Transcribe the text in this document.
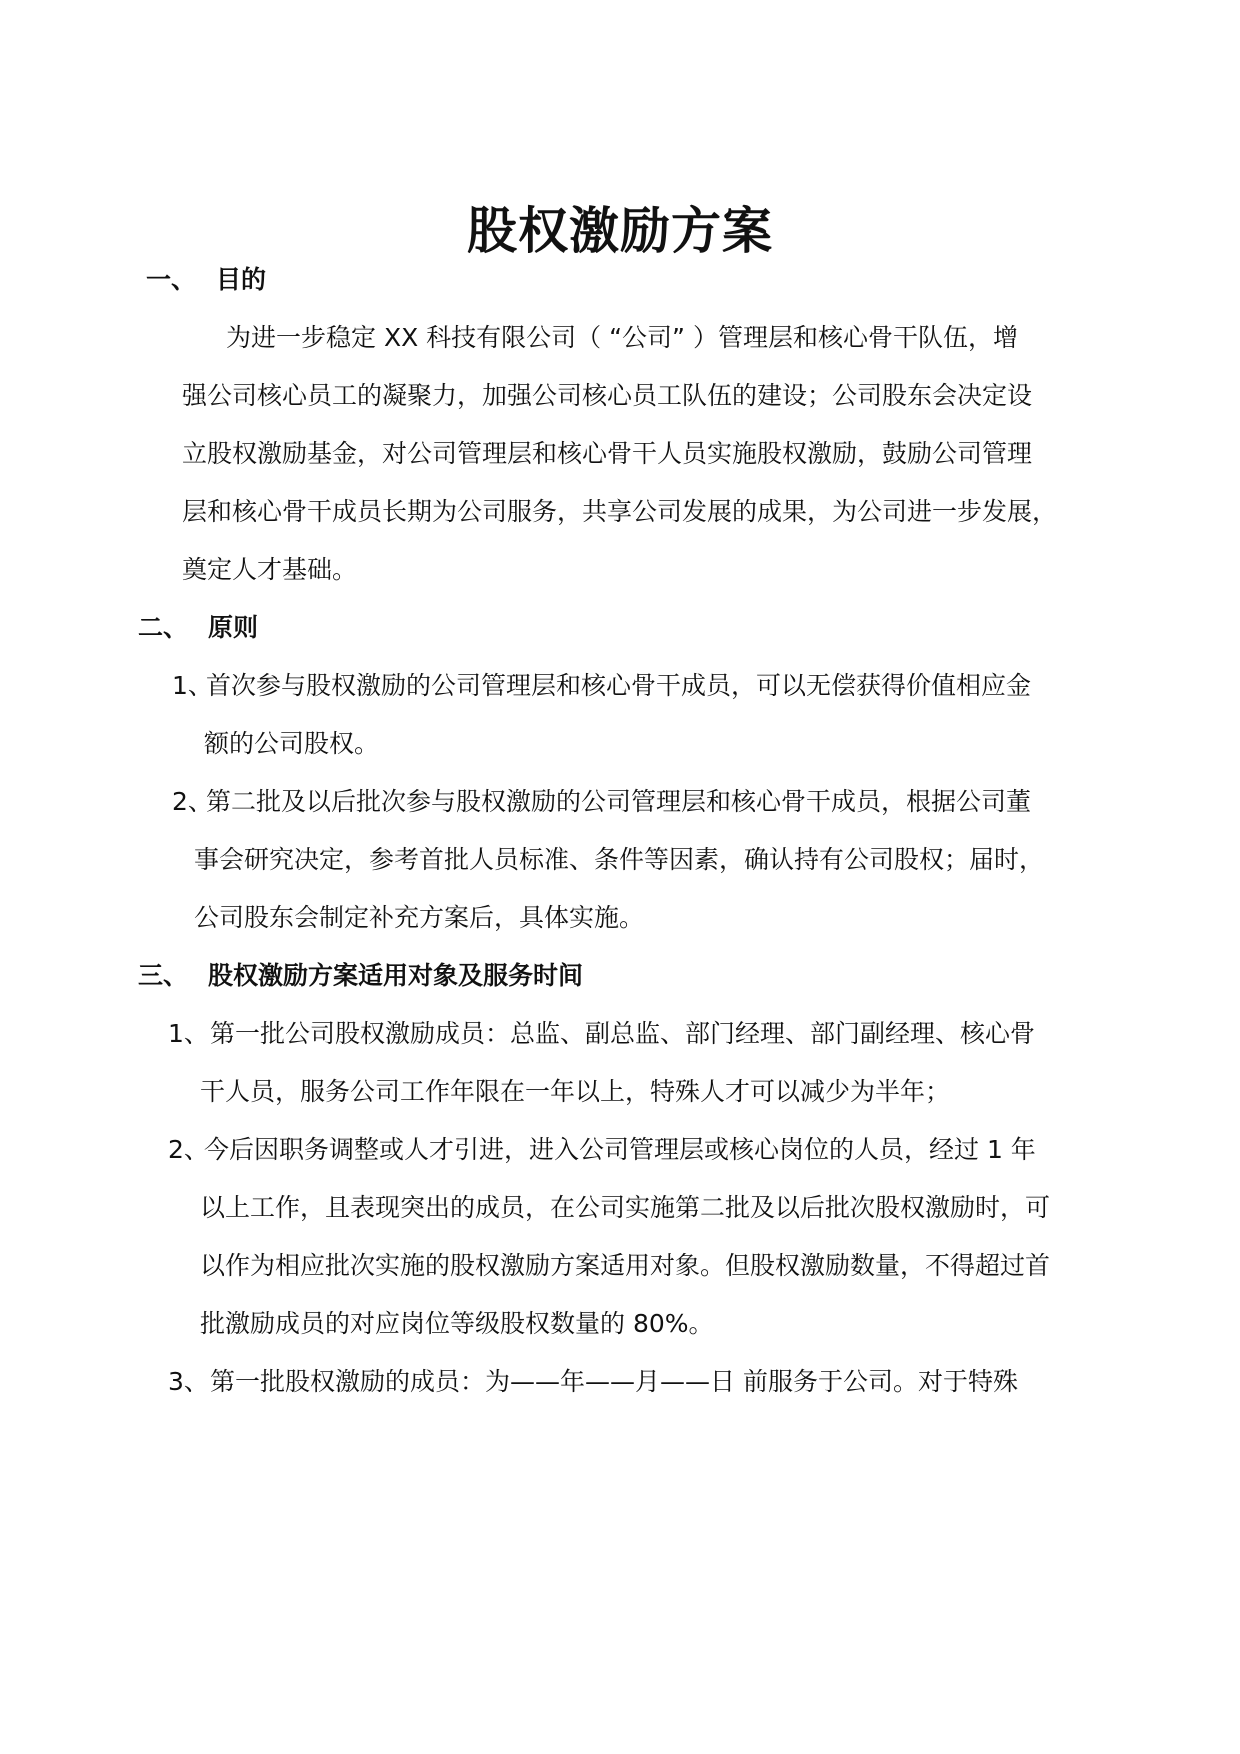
股权激励方案
一、 目的
为进一步稳定 XX 科技有限公司（ “公司” ）管理层和核心骨干队伍，增
强公司核心员工的凝聚力，加强公司核心员工队伍的建设；公司股东会决定设
立股权激励基金，对公司管理层和核心骨干人员实施股权激励，鼓励公司管理
层和核心骨干成员长期为公司服务，共享公司发展的成果，为公司进一步发展，
奠定人才基础。
二、 原则
1、
首次参与股权激励的公司管理层和核心骨干成员，可以无偿获得价值相应金
额的公司股权。
2、
第二批及以后批次参与股权激励的公司管理层和核心骨干成员，根据公司董
事会研究决定，参考首批人员标准、条件等因素，确认持有公司股权；届时，
公司股东会制定补充方案后，具体实施。
三、 股权激励方案适用对象及服务时间
1、 第一批公司股权激励成员：总监、副总监、部门经理、部门副经理、核心骨
干人员，服务公司工作年限在一年以上，特殊人才可以减少为半年；
2、
今后因职务调整或人才引进，进入公司管理层或核心岗位的人员，经过 1 年
以上工作，且表现突出的成员，在公司实施第二批及以后批次股权激励时，可
以作为相应批次实施的股权激励方案适用对象。但股权激励数量，不得超过首
批激励成员的对应岗位等级股权数量的 80%。
3、 第一批股权激励的成员：为——年——月——日 前服务于公司。对于特殊
